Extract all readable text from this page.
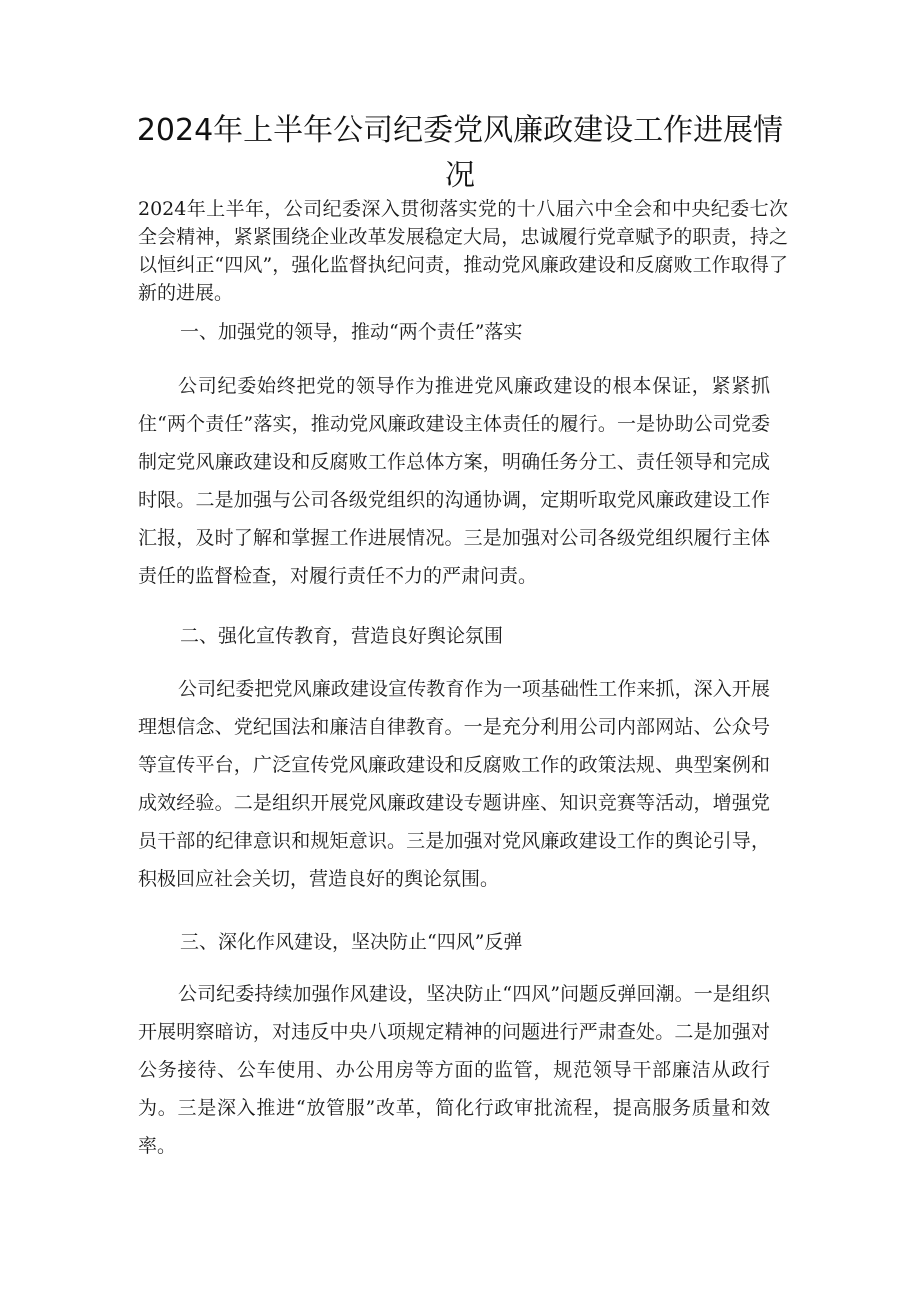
2024年上半年公司纪委党风廉政建设工作进展情况

2024年上半年，公司纪委深入贯彻落实党的十八届六中全会和中央纪委七次全会精神，紧紧围绕企业改革发展稳定大局，忠诚履行党章赋予的职责，持之以恒纠正“四风”，强化监督执纪问责，推动党风廉政建设和反腐败工作取得了新的进展。

一、加强党的领导，推动“两个责任”落实

公司纪委始终把党的领导作为推进党风廉政建设的根本保证，紧紧抓住“两个责任”落实，推动党风廉政建设主体责任的履行。一是协助公司党委制定党风廉政建设和反腐败工作总体方案，明确任务分工、责任领导和完成时限。二是加强与公司各级党组织的沟通协调，定期听取党风廉政建设工作汇报，及时了解和掌握工作进展情况。三是加强对公司各级党组织履行主体责任的监督检查，对履行责任不力的严肃问责。

二、强化宣传教育，营造良好舆论氛围

公司纪委把党风廉政建设宣传教育作为一项基础性工作来抓，深入开展理想信念、党纪国法和廉洁自律教育。一是充分利用公司内部网站、公众号等宣传平台，广泛宣传党风廉政建设和反腐败工作的政策法规、典型案例和成效经验。二是组织开展党风廉政建设专题讲座、知识竞赛等活动，增强党员干部的纪律意识和规矩意识。三是加强对党风廉政建设工作的舆论引导，积极回应社会关切，营造良好的舆论氛围。

三、深化作风建设，坚决防止“四风”反弹

公司纪委持续加强作风建设，坚决防止“四风”问题反弹回潮。一是组织开展明察暗访，对违反中央八项规定精神的问题进行严肃查处。二是加强对公务接待、公车使用、办公用房等方面的监管，规范领导干部廉洁从政行为。三是深入推进“放管服”改革，简化行政审批流程，提高服务质量和效率。
